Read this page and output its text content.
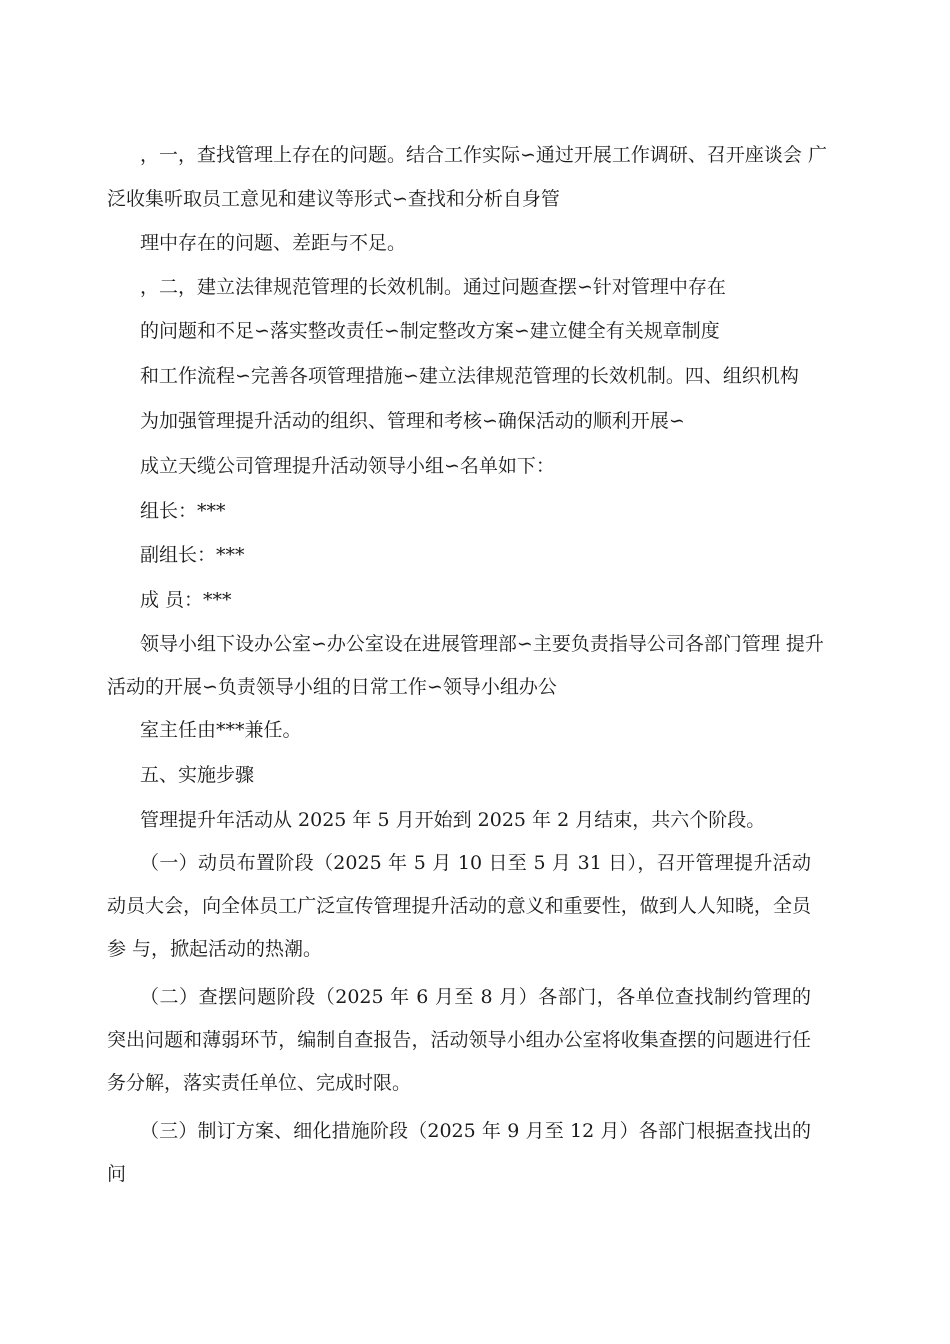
，一，查找管理上存在的问题。结合工作实际∽通过开展工作调研、召开座谈会 广

泛收集听取员工意见和建议等形式∽查找和分析自身管

理中存在的问题、差距与不足。

，二，建立法律规范管理的长效机制。通过问题查摆∽针对管理中存在

的问题和不足∽落实整改责任∽制定整改方案∽建立健全有关规章制度

和工作流程∽完善各项管理措施∽建立法律规范管理的长效机制。四、组织机构

为加强管理提升活动的组织、管理和考核∽确保活动的顺利开展∽

成立天缆公司管理提升活动领导小组∽名单如下：

组长：***

副组长：***

成 员：***

领导小组下设办公室∽办公室设在进展管理部∽主要负责指导公司各部门管理 提升

活动的开展∽负责领导小组的日常工作∽领导小组办公

室主任由***兼任。

五、实施步骤

管理提升年活动从 2025 年 5 月开始到 2025 年 2 月结束，共六个阶段。

（一）动员布置阶段（2025 年 5 月 10 日至 5 月 31 日），召开管理提升活动动员大会，向全体员工广泛宣传管理提升活动的意义和重要性，做到人人知晓，全员参 与，掀起活动的热潮。

（二）查摆问题阶段（2025 年 6 月至 8 月）各部门，各单位查找制约管理的突出问题和薄弱环节，编制自查报告，活动领导小组办公室将收集查摆的问题进行任务分解，落实责任单位、完成时限。

（三）制订方案、细化措施阶段（2025 年 9 月至 12 月）各部门根据查找出的问
